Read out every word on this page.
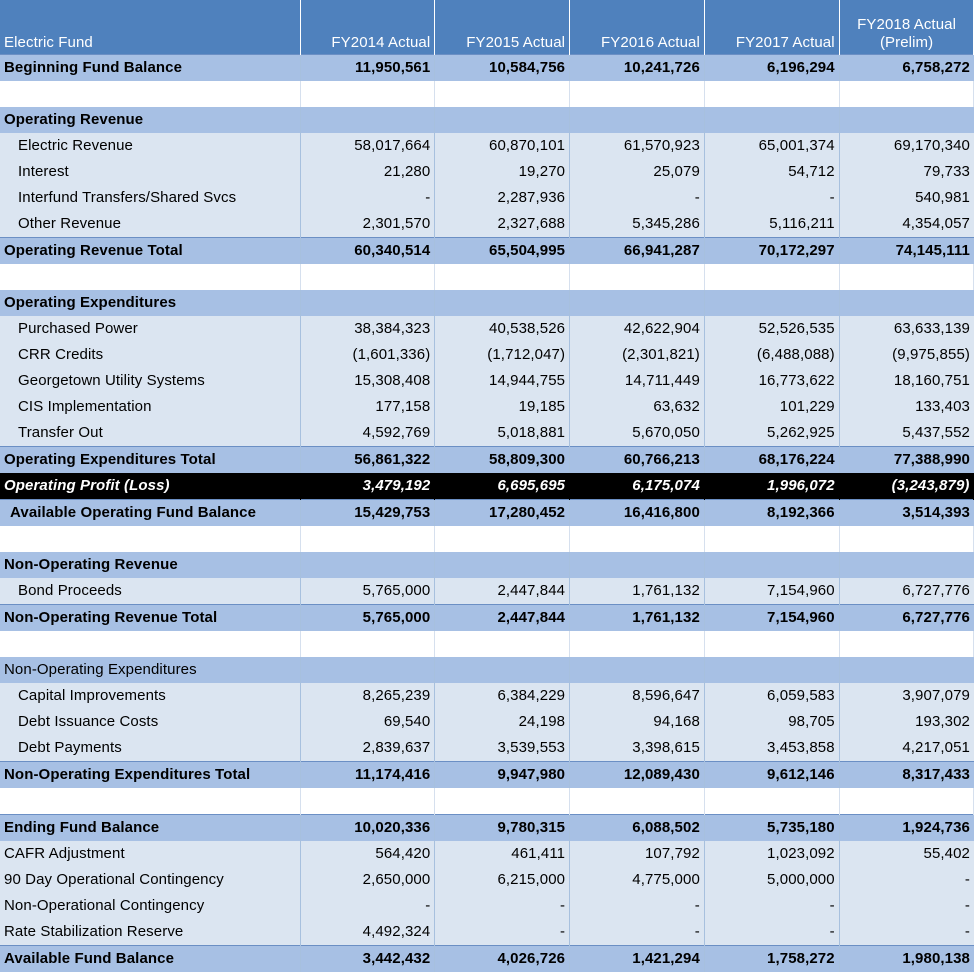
Electric Fund	FY2014 Actual	FY2015 Actual	FY2016 Actual	FY2017 Actual	FY2018 Actual
(Prelim)

Beginning Fund Balance	11,950,561	10,584,756	10,241,726	6,196,294	6,758,272

Operating Revenue					
Electric Revenue	58,017,664	60,870,101	61,570,923	65,001,374	69,170,340
Interest	21,280	19,270	25,079	54,712	79,733
Interfund Transfers/Shared Svcs	-	2,287,936	-	-	540,981
Other Revenue	2,301,570	2,327,688	5,345,286	5,116,211	4,354,057
Operating Revenue Total	60,340,514	65,504,995	66,941,287	70,172,297	74,145,111

Operating Expenditures					
Purchased Power	38,384,323	40,538,526	42,622,904	52,526,535	63,633,139
CRR Credits	(1,601,336)	(1,712,047)	(2,301,821)	(6,488,088)	(9,975,855)
Georgetown Utility Systems	15,308,408	14,944,755	14,711,449	16,773,622	18,160,751
CIS Implementation	177,158	19,185	63,632	101,229	133,403
Transfer Out	4,592,769	5,018,881	5,670,050	5,262,925	5,437,552
Operating Expenditures Total	56,861,322	58,809,300	60,766,213	68,176,224	77,388,990
Operating Profit (Loss)	3,479,192	6,695,695	6,175,074	1,996,072	(3,243,879)
Available Operating Fund Balance	15,429,753	17,280,452	16,416,800	8,192,366	3,514,393

Non-Operating Revenue					
Bond Proceeds	5,765,000	2,447,844	1,761,132	7,154,960	6,727,776
Non-Operating Revenue Total	5,765,000	2,447,844	1,761,132	7,154,960	6,727,776

Non-Operating Expenditures					
Capital Improvements	8,265,239	6,384,229	8,596,647	6,059,583	3,907,079
Debt Issuance Costs	69,540	24,198	94,168	98,705	193,302
Debt Payments	2,839,637	3,539,553	3,398,615	3,453,858	4,217,051
Non-Operating Expenditures Total	11,174,416	9,947,980	12,089,430	9,612,146	8,317,433

Ending Fund Balance	10,020,336	9,780,315	6,088,502	5,735,180	1,924,736
CAFR Adjustment	564,420	461,411	107,792	1,023,092	55,402
90 Day Operational Contingency	2,650,000	6,215,000	4,775,000	5,000,000	-
Non-Operational Contingency	-	-	-	-	-
Rate Stabilization Reserve	4,492,324	-	-	-	-
Available Fund Balance	3,442,432	4,026,726	1,421,294	1,758,272	1,980,138
